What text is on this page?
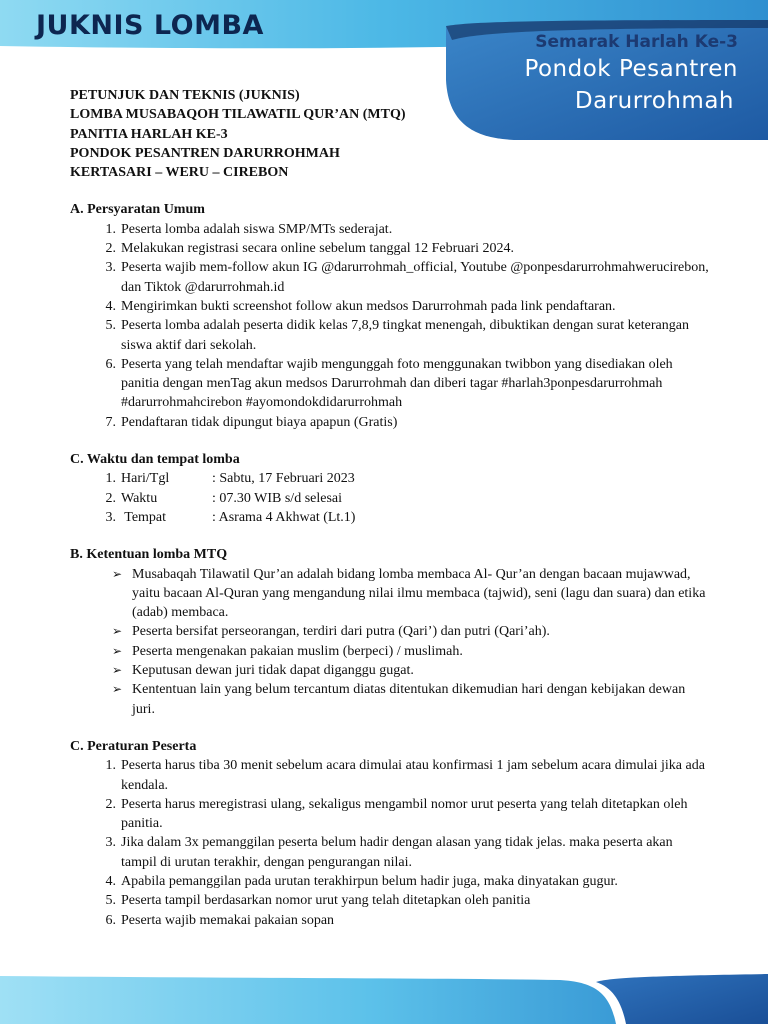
JUKNIS LOMBA
Semarak Harlah Ke-3
Pondok Pesantren
Darurrohmah
PETUNJUK DAN TEKNIS (JUKNIS)
LOMBA MUSABAQOH TILAWATIL QUR’AN (MTQ)
PANITIA HARLAH KE-3
PONDOK PESANTREN DARURROHMAH
KERTASARI – WERU – CIREBON
A. Persyaratan Umum
1. Peserta lomba adalah siswa SMP/MTs sederajat.
2. Melakukan registrasi secara online sebelum tanggal 12 Februari 2024.
3. Peserta wajib mem-follow akun IG @darurrohmah_official, Youtube @ponpesdarurrohmahwerucirebon, dan Tiktok @darurrohmah.id
4. Mengirimkan bukti screenshot follow akun medsos Darurrohmah pada link pendaftaran.
5. Peserta lomba adalah peserta didik kelas 7,8,9 tingkat menengah, dibuktikan dengan surat keterangan siswa aktif dari sekolah.
6. Peserta yang telah mendaftar wajib mengunggah foto menggunakan twibbon yang disediakan oleh panitia dengan menTag akun medsos Darurrohmah dan diberi tagar #harlah3ponpesdarurrohmah #darurrohmahcirebon #ayomondokdidarurrohmah
7. Pendaftaran tidak dipungut biaya apapun (Gratis)
C. Waktu dan tempat lomba
1. Hari/Tgl	: Sabtu, 17 Februari 2023
2. Waktu	: 07.30 WIB s/d selesai
3. Tempat	: Asrama 4 Akhwat (Lt.1)
B. Ketentuan lomba MTQ
➢ Musabaqah Tilawatil Qur’an adalah bidang lomba membaca Al- Qur’an dengan bacaan mujawwad, yaitu bacaan Al-Quran yang mengandung nilai ilmu membaca (tajwid), seni (lagu dan suara) dan etika (adab) membaca.
➢ Peserta bersifat perseorangan, terdiri dari putra (Qari’) dan putri (Qari’ah).
➢ Peserta mengenakan pakaian muslim (berpeci) / muslimah.
➢ Keputusan dewan juri tidak dapat diganggu gugat.
➢ Kententuan lain yang belum tercantum diatas ditentukan dikemudian hari dengan kebijakan dewan juri.
C. Peraturan Peserta
1. Peserta harus tiba 30 menit sebelum acara dimulai atau konfirmasi 1 jam sebelum acara dimulai jika ada kendala.
2. Peserta harus meregistrasi ulang, sekaligus mengambil nomor urut peserta yang telah ditetapkan oleh panitia.
3. Jika dalam 3x pemanggilan peserta belum hadir dengan alasan yang tidak jelas. maka peserta akan tampil di urutan terakhir, dengan pengurangan nilai.
4. Apabila pemanggilan pada urutan terakhirpun belum hadir juga, maka dinyatakan gugur.
5. Peserta tampil berdasarkan nomor urut yang telah ditetapkan oleh panitia
6. Peserta wajib memakai pakaian sopan
